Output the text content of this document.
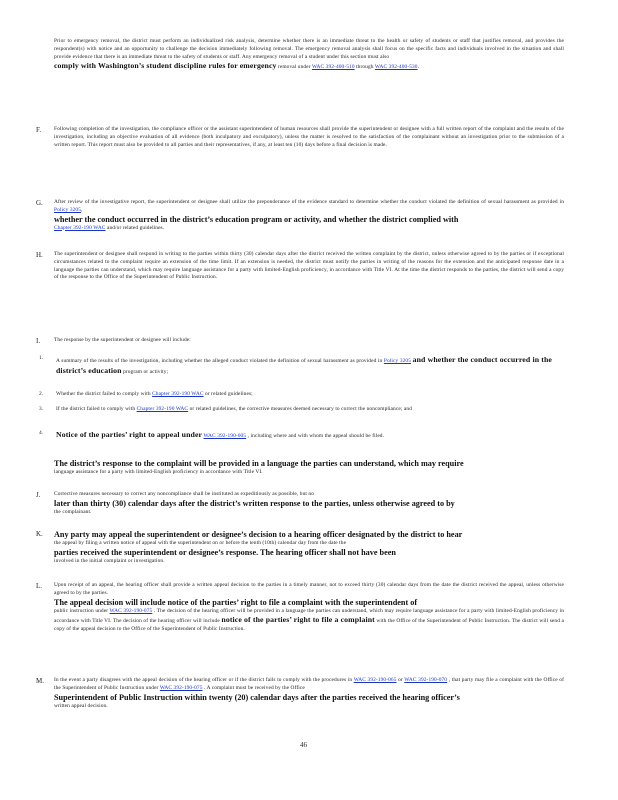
Prior to emergency removal, the district must perform an individualized risk analysis, determine whether there is an immediate threat to the health or safety of students or staff that justifies removal, and provides the respondent(s) with notice and an opportunity to challenge the decision immediately following removal. The emergency removal analysis shall focus on the specific facts and individuals involved in the situation and shall provide evidence that there is an immediate threat to the safety of students or staff. Any emergency removal of a student under this section must also

comply with Washington’s student discipline rules for emergency removal under WAC 392-400-510 through WAC 392-400-530.

F. Following completion of the investigation, the compliance officer or the assistant superintendent of human resources shall provide the superintendent or designee with a full written report of the complaint and the results of the investigation, including an objective evaluation of all evidence (both inculpatory and exculpatory), unless the matter is resolved to the satisfaction of the complainant without an investigation prior to the submission of a written report. This report must also be provided to all parties and their representatives, if any, at least ten (10) days before a final decision is made.

G. After review of the investigative report, the superintendent or designee shall utilize the preponderance of the evidence standard to determine whether the conduct violated the definition of sexual harassment as provided in Policy 3205,

whether the conduct occurred in the district’s education program or activity, and whether the district complied with

Chapter 392-190 WAC and/or related guidelines.

H. The superintendent or designee shall respond in writing to the parties within thirty (30) calendar days after the district received the written complaint by the district, unless otherwise agreed to by the parties or if exceptional circumstances related to the complaint require an extension of the time limit. If an extension is needed, the district must notify the parties in writing of the reasons for the extension and the anticipated response date in a language the parties can understand, which may require language assistance for a party with limited-English proficiency, in accordance with Title VI. At the time the district responds to the parties, the district will send a copy of the response to the Office of the Superintendent of Public Instruction.

I.	The response by the superintendent or designee will include:

1. A summary of the results of the investigation, including whether the alleged conduct violated the definition of sexual harassment as provided in Policy 3205 and whether the conduct occurred in the district’s education program or activity;

2. Whether the district failed to comply with Chapter 392-190 WAC or related guidelines;

3. If the district failed to comply with Chapter 392-190 WAC or related guidelines, the corrective measures deemed necessary to correct the noncompliance; and

4. Notice of the parties’ right to appeal under WAC 392-190-005 , including where and with whom the appeal should be filed.

The district’s response to the complaint will be provided in a language the parties can understand, which may require

language assistance for a party with limited-English proficiency in accordance with Title VI.

J.	Corrective measures necessary to correct any noncompliance shall be instituted as expeditiously as possible, but no

later than thirty (30) calendar days after the district’s written response to the parties, unless otherwise agreed to by

the complainant.

K. Any party may appeal the superintendent or designee’s decision to a hearing officer designated by the district to hear

the appeal by filing a written notice of appeal with the superintendent on or before the tenth (10th) calendar day from the date the

parties received the superintendent or designee’s response. The hearing officer shall not have been

involved in the initial complaint or investigation.

L. Upon receipt of an appeal, the hearing officer shall provide a written appeal decision to the parties in a timely manner, not to exceed thirty (30) calendar days from the date the district received the appeal, unless otherwise agreed to by the parties.

The appeal decision will include notice of the parties’ right to file a complaint with the superintendent of

public instruction under WAC 392-190-075 . The decision of the hearing officer will be provided in a language the parties can understand, which may require language assistance for a party with limited-English proficiency in accordance with Title VI. The decision of the hearing officer will include notice of the parties’ right to file a complaint with the Office of the Superintendent of Public Instruction. The district will send a copy of the appeal decision to the Office of the Superintendent of Public Instruction.

M. In the event a party disagrees with the appeal decision of the hearing officer or if the district fails to comply with the procedures in WAC 392-190-065 or WAC 392-190-070 , that party may file a complaint with the Office of the Superintendent of Public Instruction under WAC 392-190-075 . A complaint must be received by the Office

Superintendent of Public Instruction within twenty (20) calendar days after the parties received the hearing officer’s

written appeal decision.

46
